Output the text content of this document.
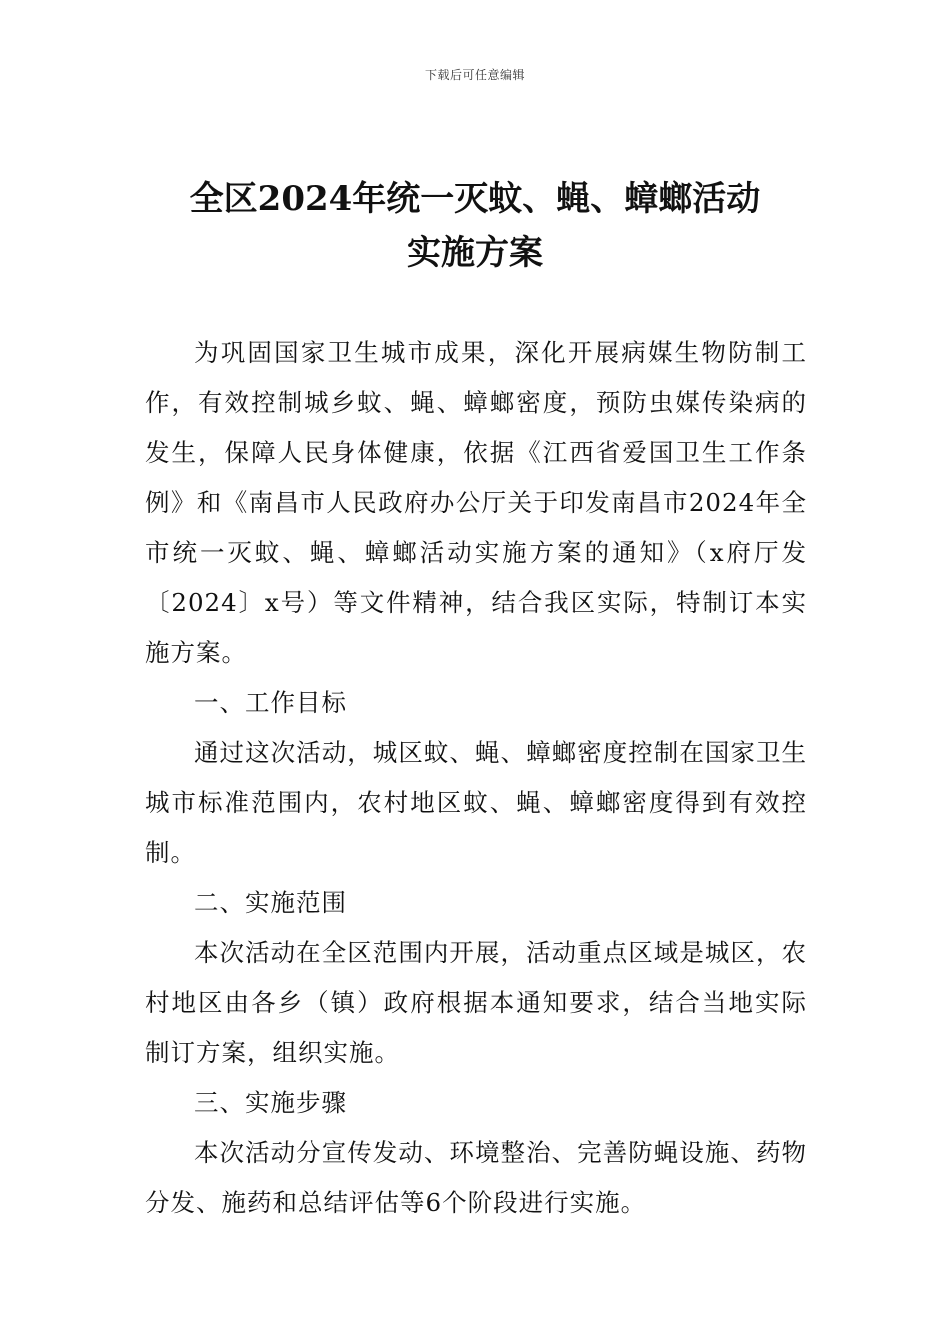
下载后可任意编辑
全区2024年统一灭蚊、蝇、蟑螂活动
实施方案

为巩固国家卫生城市成果，深化开展病媒生物防制工作，有效控制城乡蚊、蝇、蟑螂密度，预防虫媒传染病的发生，保障人民身体健康，依据《江西省爱国卫生工作条例》和《南昌市人民政府办公厅关于印发南昌市2024年全市统一灭蚊、蝇、蟑螂活动实施方案的通知》（x府厅发〔2024〕x号）等文件精神，结合我区实际，特制订本实施方案。

一、工作目标

通过这次活动，城区蚊、蝇、蟑螂密度控制在国家卫生城市标准范围内，农村地区蚊、蝇、蟑螂密度得到有效控制。

二、实施范围

本次活动在全区范围内开展，活动重点区域是城区，农村地区由各乡（镇）政府根据本通知要求，结合当地实际制订方案，组织实施。

三、实施步骤

本次活动分宣传发动、环境整治、完善防蝇设施、药物分发、施药和总结评估等6个阶段进行实施。
